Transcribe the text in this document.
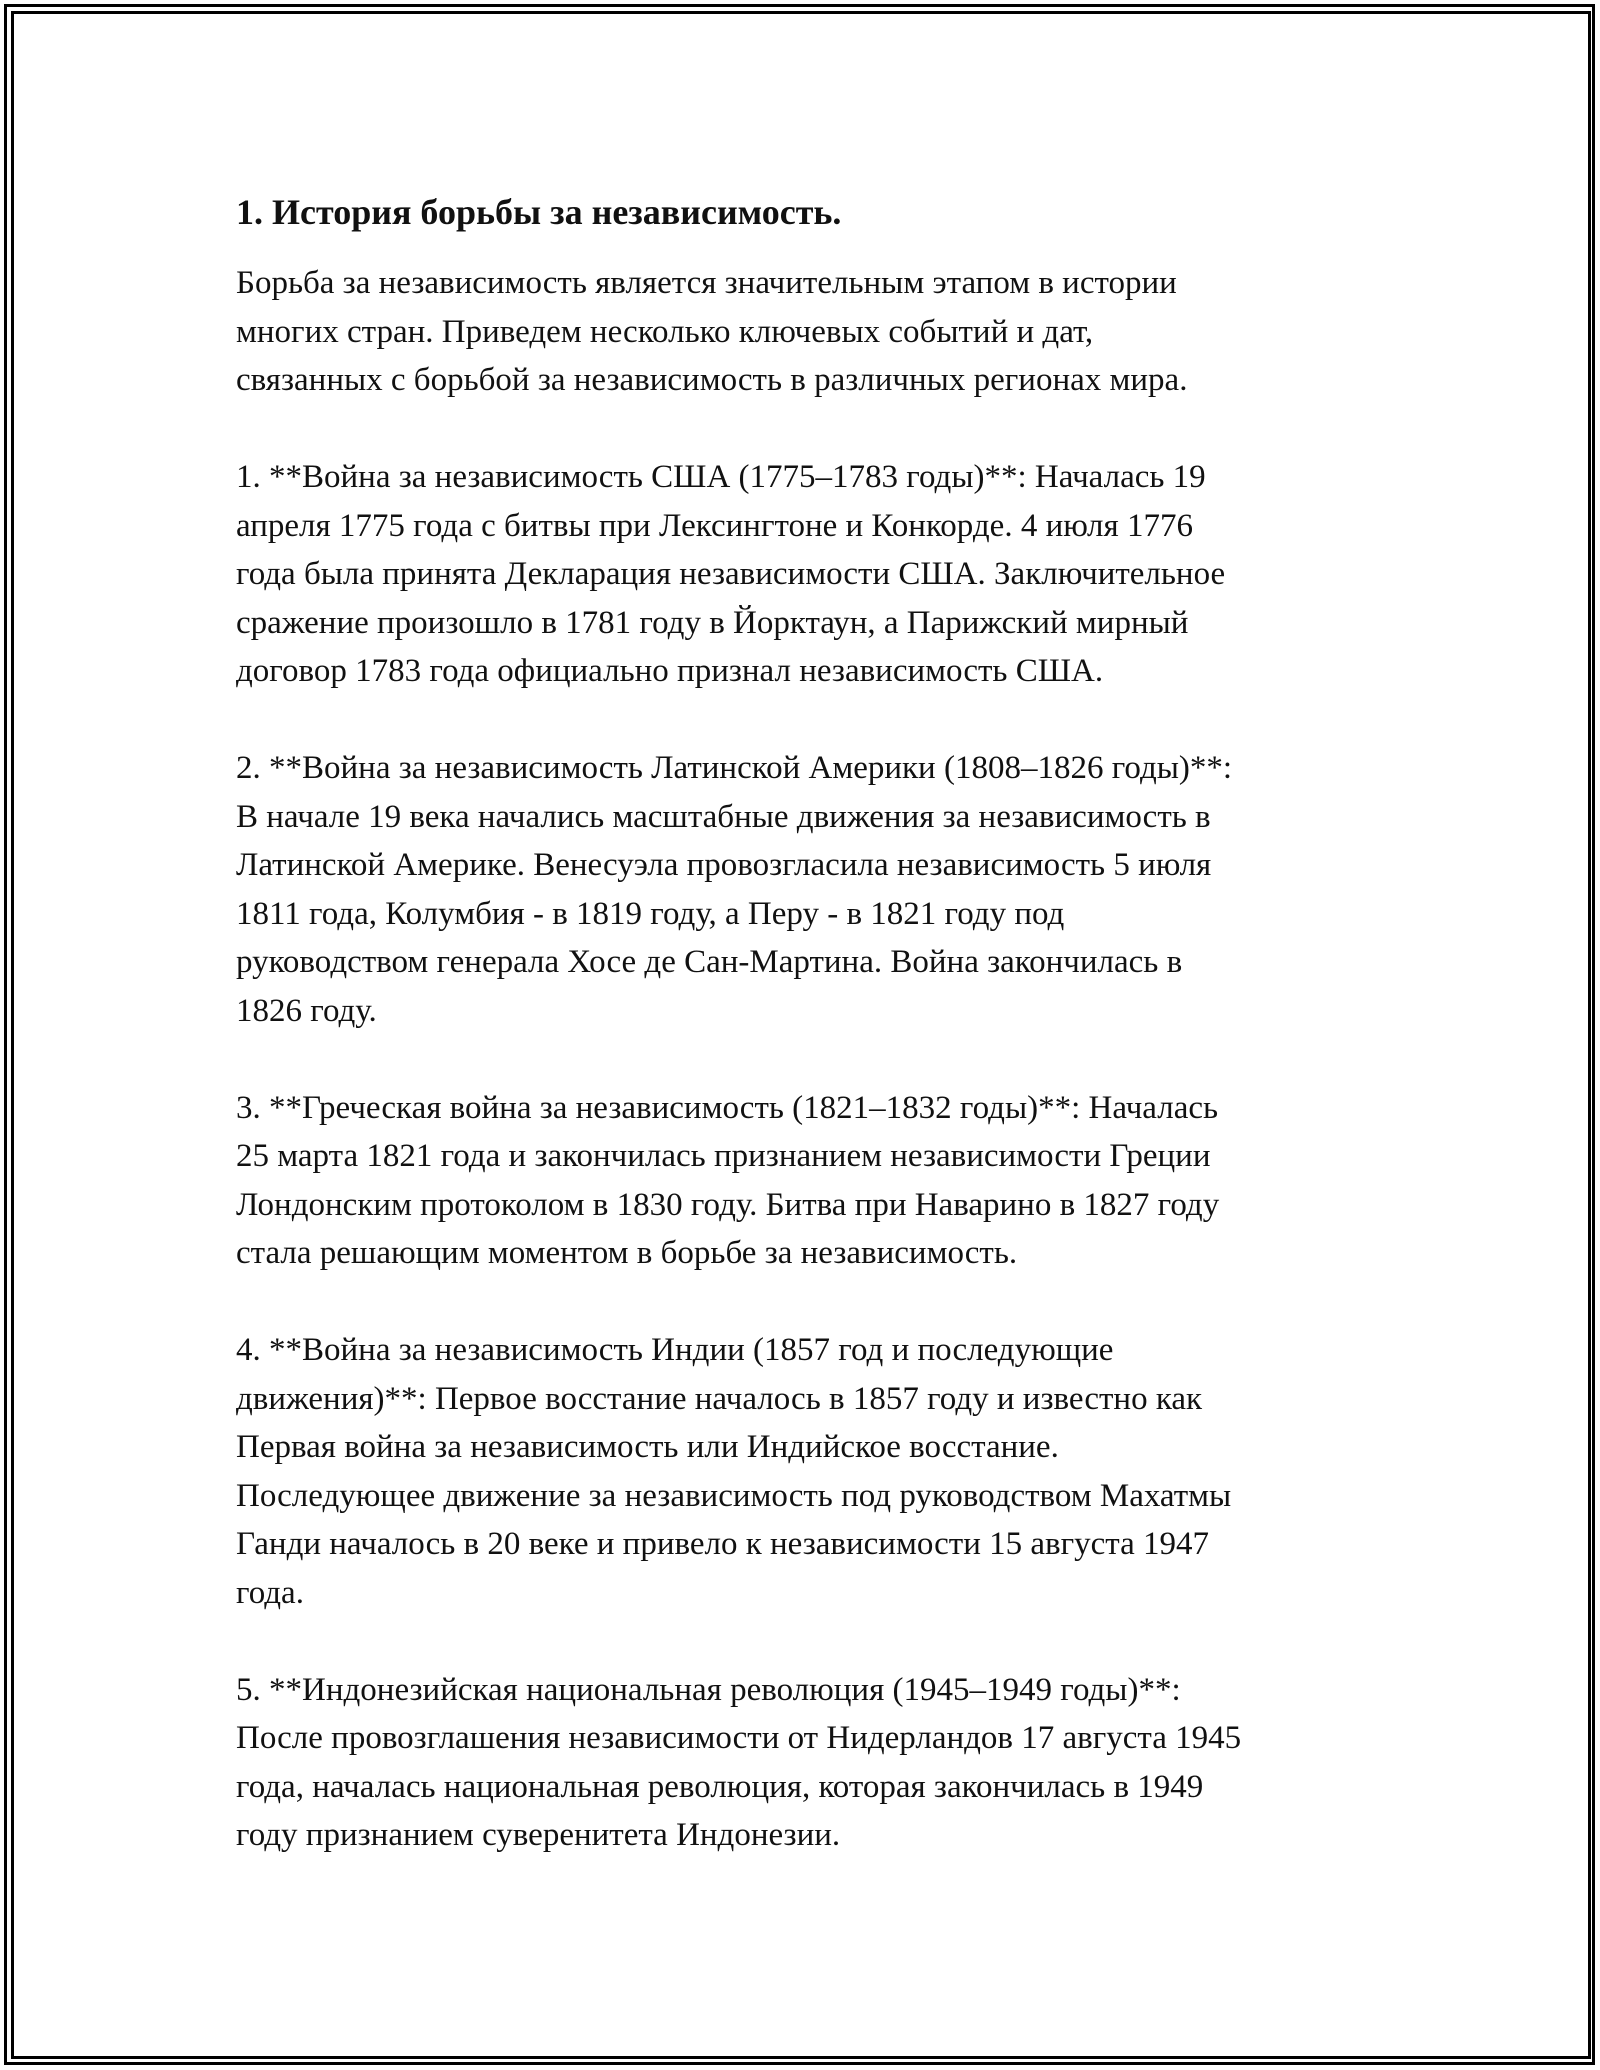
1. История борьбы за независимость.

Борьба за независимость является значительным этапом в истории
многих стран. Приведем несколько ключевых событий и дат,
связанных с борьбой за независимость в различных регионах мира.

1. **Война за независимость США (1775–1783 годы)**: Началась 19
апреля 1775 года с битвы при Лексингтоне и Конкорде. 4 июля 1776
года была принята Декларация независимости США. Заключительное
сражение произошло в 1781 году в Йорктаун, а Парижский мирный
договор 1783 года официально признал независимость США.

2. **Война за независимость Латинской Америки (1808–1826 годы)**:
В начале 19 века начались масштабные движения за независимость в
Латинской Америке. Венесуэла провозгласила независимость 5 июля
1811 года, Колумбия - в 1819 году, а Перу - в 1821 году под
руководством генерала Хосе де Сан-Мартина. Война закончилась в
1826 году.

3. **Греческая война за независимость (1821–1832 годы)**: Началась
25 марта 1821 года и закончилась признанием независимости Греции
Лондонским протоколом в 1830 году. Битва при Наварино в 1827 году
стала решающим моментом в борьбе за независимость.

4. **Война за независимость Индии (1857 год и последующие
движения)**: Первое восстание началось в 1857 году и известно как
Первая война за независимость или Индийское восстание.
Последующее движение за независимость под руководством Махатмы
Ганди началось в 20 веке и привело к независимости 15 августа 1947
года.

5. **Индонезийская национальная революция (1945–1949 годы)**:
После провозглашения независимости от Нидерландов 17 августа 1945
года, началась национальная революция, которая закончилась в 1949
году признанием суверенитета Индонезии.
